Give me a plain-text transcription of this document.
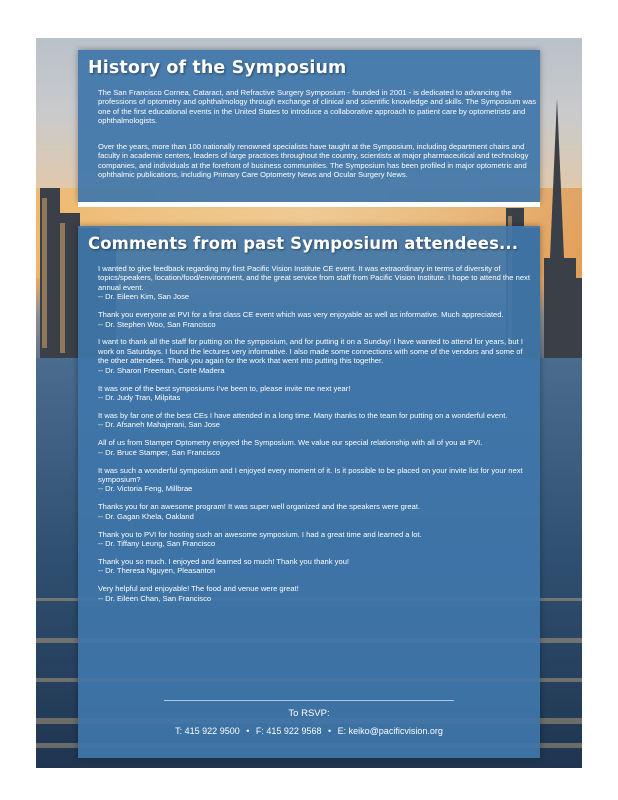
History of the Symposium

The San Francisco Cornea, Cataract, and Refractive Surgery Symposium - founded in 2001 - is dedicated to advancing the professions of optometry and ophthalmology through exchange of clinical and scientific knowledge and skills. The Symposium was one of the first educational events in the United States to introduce a collaborative approach to patient care by optometrists and ophthalmologists.

Over the years, more than 100 nationally renowned specialists have taught at the Symposium, including department chairs and faculty in academic centers, leaders of large practices throughout the country, scientists at major pharmaceutical and technology companies, and individuals at the forefront of business communities. The Symposium has been profiled in major optometric and ophthalmic publications, including Primary Care Optometry News and Ocular Surgery News.

Comments from past Symposium attendees...

I wanted to give feedback regarding my first Pacific Vision Institute CE event. It was extraordinary in terms of diversity of topics/speakers, location/food/environment, and the great service from staff from Pacific Vision Institute. I hope to attend the next annual event.
-- Dr. Eileen Kim, San Jose

Thank you everyone at PVI for a first class CE event which was very enjoyable as well as informative. Much appreciated.
-- Dr. Stephen Woo, San Francisco

I want to thank all the staff for putting on the symposium, and for putting it on a Sunday! I have wanted to attend for years, but I work on Saturdays. I found the lectures very informative. I also made some connections with some of the vendors and some of the other attendees. Thank you again for the work that went into putting this together.
-- Dr. Sharon Freeman, Corte Madera

It was one of the best symposiums I’ve been to, please invite me next year!
-- Dr. Judy Tran, Milpitas

It was by far one of the best CEs I have attended in a long time. Many thanks to the team for putting on a wonderful event.
-- Dr. Afsaneh Mahajerani, San Jose

All of us from Stamper Optometry enjoyed the Symposium. We value our special relationship with all of you at PVI.
-- Dr. Bruce Stamper, San Francisco

It was such a wonderful symposium and I enjoyed every moment of it. Is it possible to be placed on your invite list for your next symposium?
-- Dr. Victoria Feng, Millbrae

Thanks you for an awesome program! It was super well organized and the speakers were great.
-- Dr. Gagan Khela, Oakland

Thank you to PVI for hosting such an awesome symposium. I had a great time and learned a lot.
-- Dr. Tiffany Leung, San Francisco

Thank you so much. I enjoyed and learned so much! Thank you thank you!
-- Dr. Theresa Nguyen, Pleasanton

Very helpful and enjoyable! The food and venue were great!
-- Dr. Eileen Chan, San Francisco

To RSVP:

T: 415 922 9500 • F: 415 922 9568 • E: keiko@pacificvision.org
